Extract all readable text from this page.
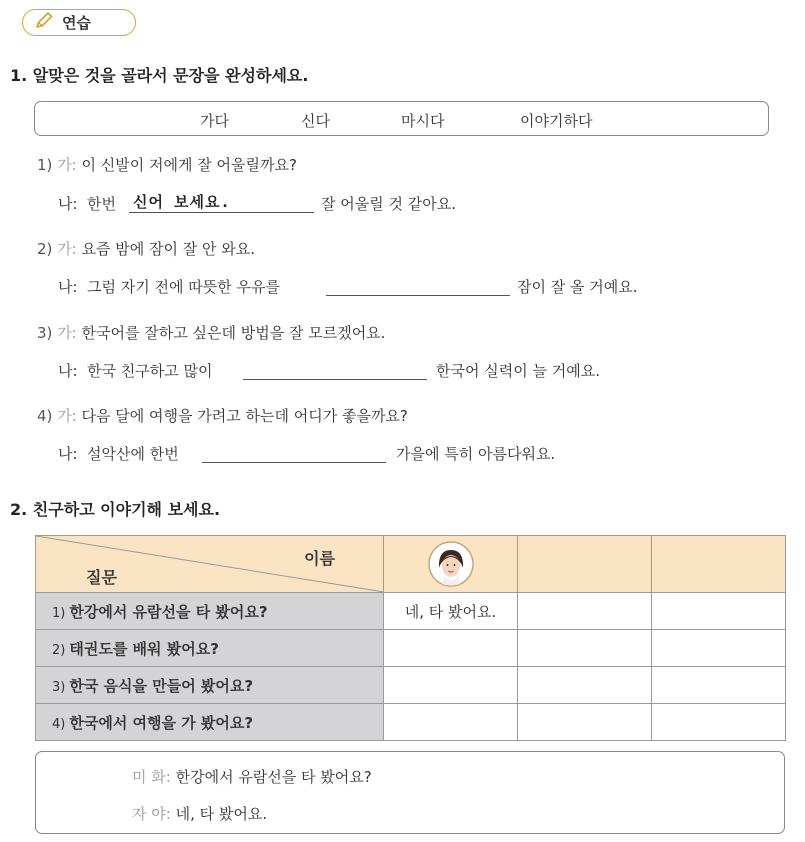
연습
1. 알맞은 것을 골라서 문장을 완성하세요.
가다	신다	마시다	이야기하다
1) 가: 이 신발이 저에게 잘 어울릴까요?
나: 한번 신어 보세요.	잘 어울릴 것 같아요.
2) 가: 요즘 밤에 잠이 잘 안 와요.
나: 그럼 자기 전에 따뜻한 우유를	잠이 잘 올 거예요.
3) 가: 한국어를 잘하고 싶은데 방법을 잘 모르겠어요.
나: 한국 친구하고 많이	한국어 실력이 늘 거예요.
4) 가: 다음 달에 여행을 가려고 하는데 어디가 좋을까요?
나: 설악산에 한번	가을에 특히 아름다워요.
2. 친구하고 이야기해 보세요.
질문
이름

1) 한강에서 유람선을 타 봤어요?	네, 타 봤어요.		
2) 태권도를 배워 봤어요?			
3) 한국 음식을 만들어 봤어요?			
4) 한국에서 여행을 가 봤어요?			
미 화: 한강에서 유람선을 타 봤어요?
자 야: 네, 타 봤어요.
